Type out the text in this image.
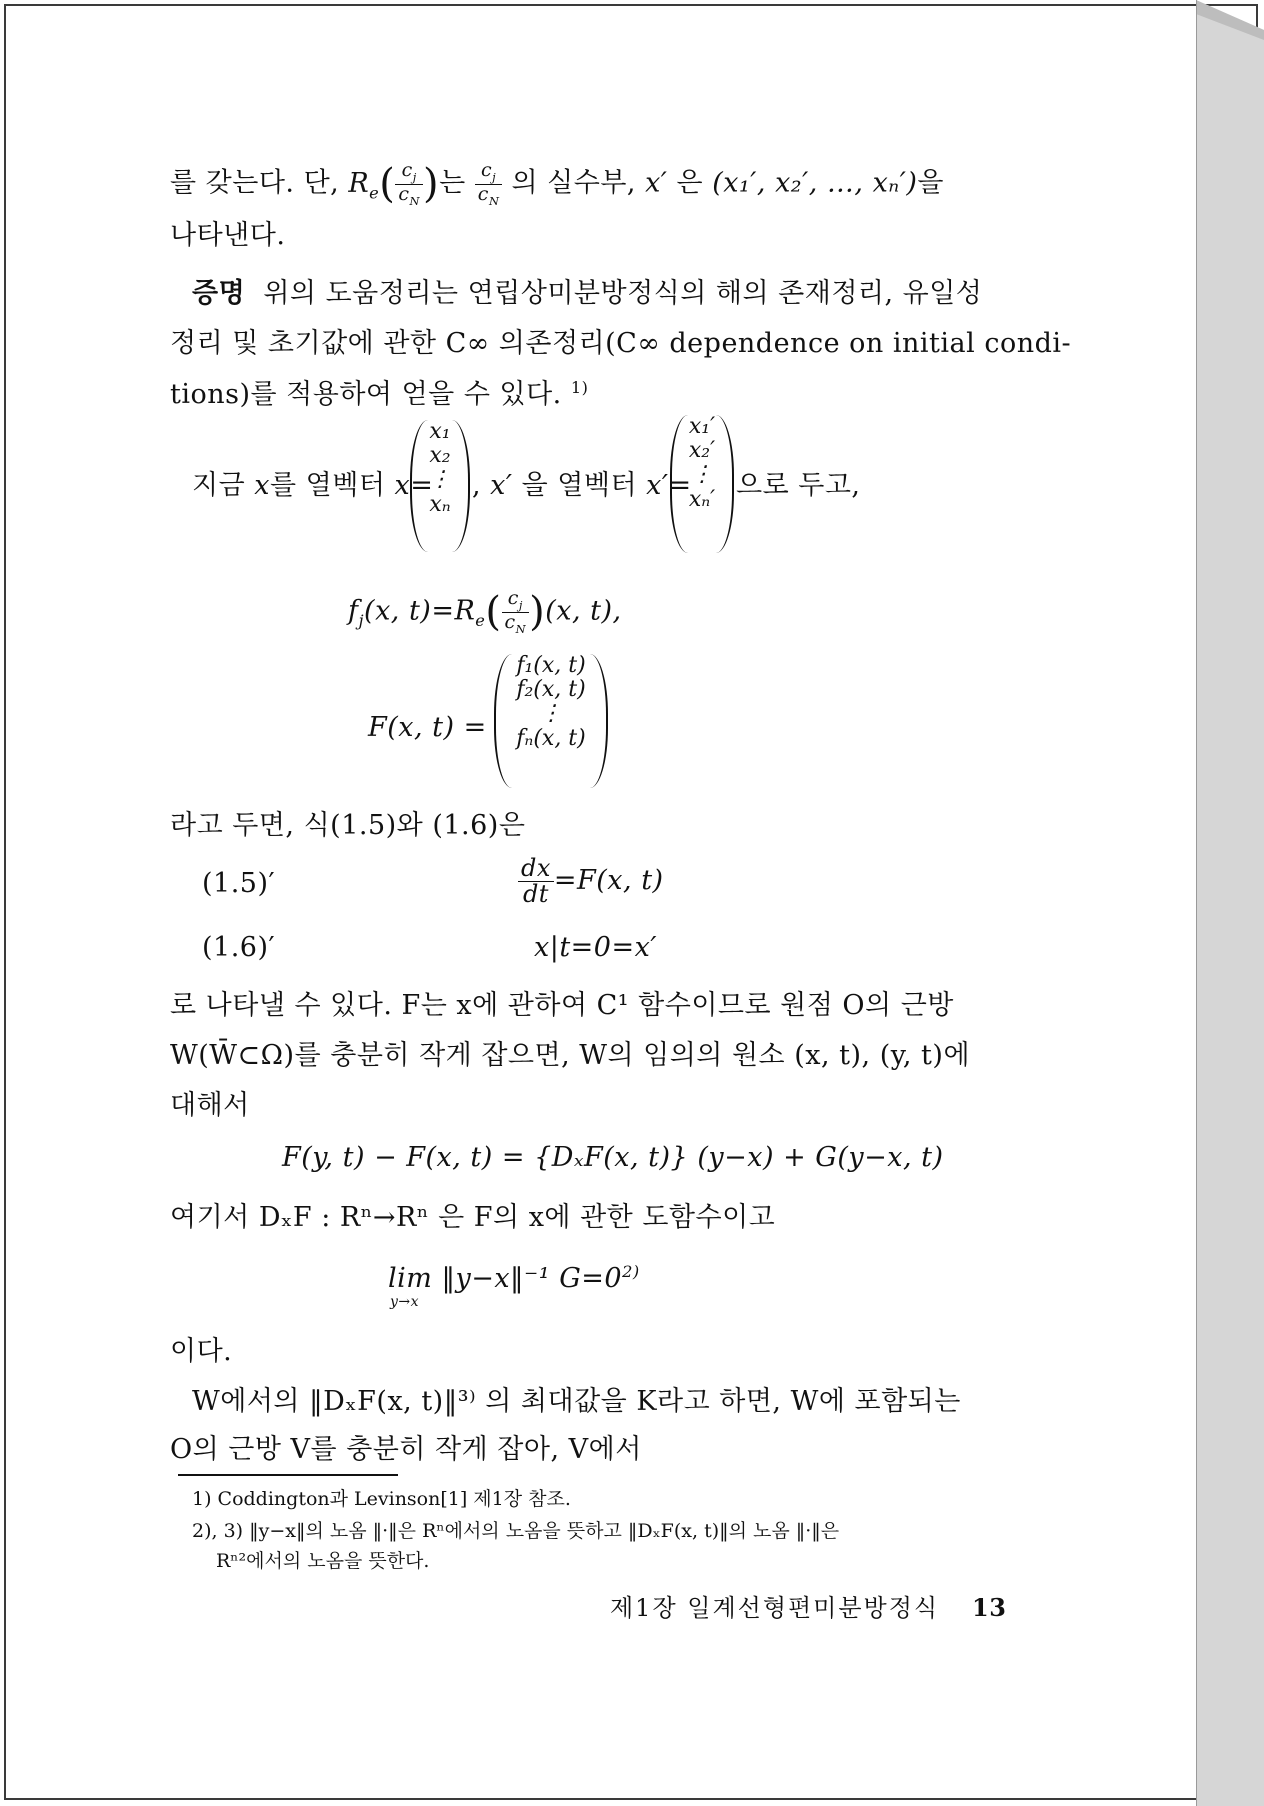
를 갖는다. 단, $R_e( \frac{c_j}{c_N}$ )는 $\frac{c_j}{c_N}$ 의 실수부, x′ 은 (x₁′, x₂′, …, xₙ′)을
나타낸다.
증명 위의 도움정리는 연립상미분방정식의 해의 존재정리, 유일성
정리 및 초기값에 관한 C∞ 의존정리(C∞ dependence on initial condi-
tions)를 적용하여 얻을 수 있다. $^{1)}$
지금 x를 열벡터 x=
x₁
x₂
⋮
xₙ
, x′ 을 열벡터 x′=
x₁′
x₂′
⋮
xₙ′ 으로 두고,
$f_j(x$, $t)=R_e( \frac{c_j}{c_N} )(x$, t),
F(x, t) =
f₁(x, t)
f₂(x, t)
⋮
fₙ(x, t)
라고 두면, 식(1.5)와 (1.6)은
(1.5)′	$\frac{dx}{dt} =F(x$, t)
(1.6)′	x|t=0=x′
로 나타낼 수 있다. F는 x에 관하여 C¹ 함수이므로 원점 O의 근방
W(W̄⊂Ω)를 충분히 작게 잡으면, W의 임의의 원소 (x, t), (y, t)에
대해서
F(y, t) − F(x, t) = {DₓF(x, t)} (y−x) + G(y−x, t)
여기서 DₓF : Rⁿ→Rⁿ 은 F의 x에 관한 도함수이고
lim ‖y−x‖⁻¹ $G=0^{2)}$
y→x
이다.
W에서의 ‖DₓF(x, t)‖³⁾ 의 최대값을 K라고 하면, W에 포함되는
O의 근방 V를 충분히 작게 잡아, V에서
1) Coddington과 Levinson[1] 제1장 참조.
2), 3) ‖y−x‖의 노옴 ‖·‖은 Rⁿ에서의 노옴을 뜻하고 ‖DₓF(x, t)‖의 노옴 ‖·‖은
Rⁿ²에서의 노옴을 뜻한다.
제1장 일계선형편미분방정식 13
